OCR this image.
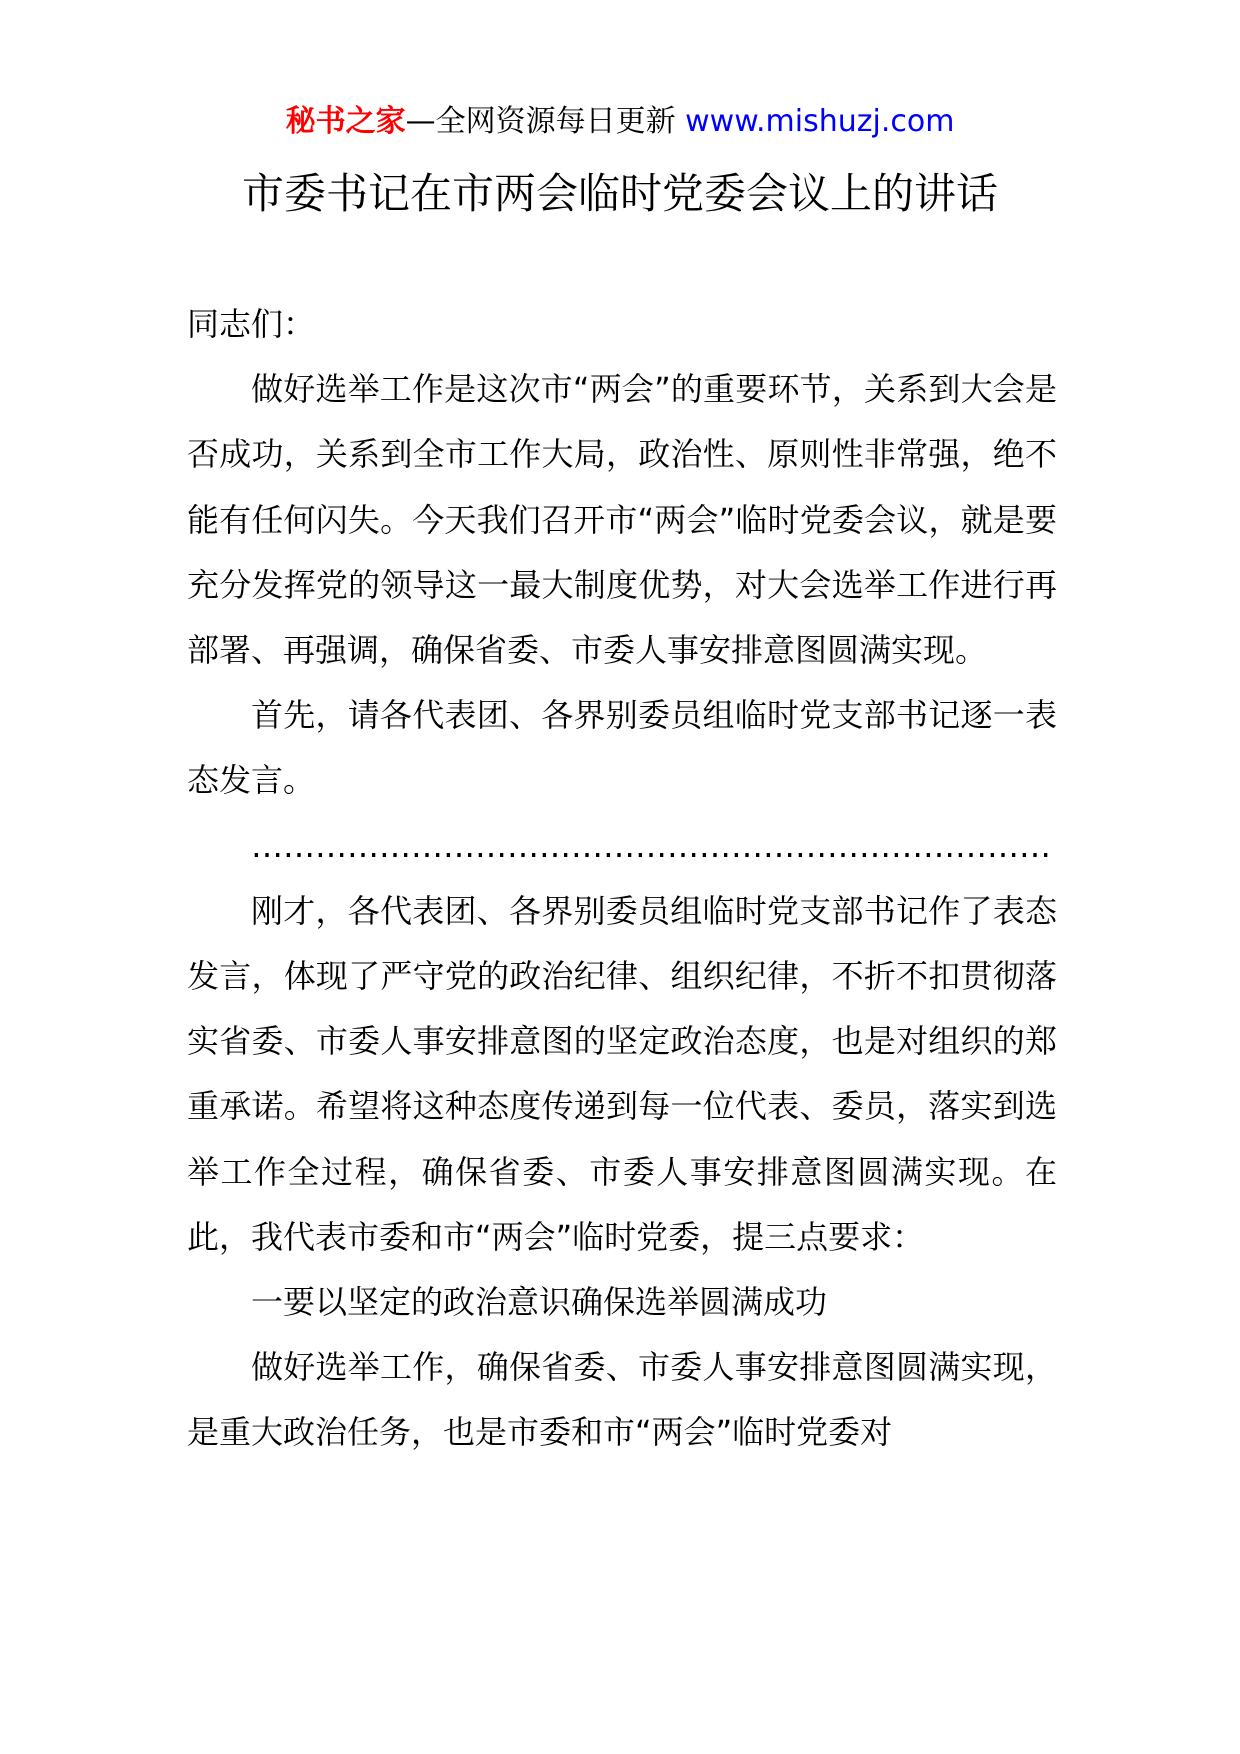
秘书之家—全网资源每日更新 www.mishuzj.com
市委书记在市两会临时党委会议上的讲话

同志们：

做好选举工作是这次市“两会”的重要环节，关系到大会是否成功，关系到全市工作大局，政治性、原则性非常强，绝不能有任何闪失。今天我们召开市“两会”临时党委会议，就是要充分发挥党的领导这一最大制度优势，对大会选举工作进行再部署、再强调，确保省委、市委人事安排意图圆满实现。

首先，请各代表团、各界别委员组临时党支部书记逐一表态发言。

…………………………………………………………………

刚才，各代表团、各界别委员组临时党支部书记作了表态发言，体现了严守党的政治纪律、组织纪律，不折不扣贯彻落实省委、市委人事安排意图的坚定政治态度，也是对组织的郑重承诺。希望将这种态度传递到每一位代表、委员，落实到选举工作全过程，确保省委、市委人事安排意图圆满实现。在此，我代表市委和市“两会”临时党委，提三点要求：

一要以坚定的政治意识确保选举圆满成功

做好选举工作，确保省委、市委人事安排意图圆满实现，是重大政治任务，也是市委和市“两会”临时党委对
